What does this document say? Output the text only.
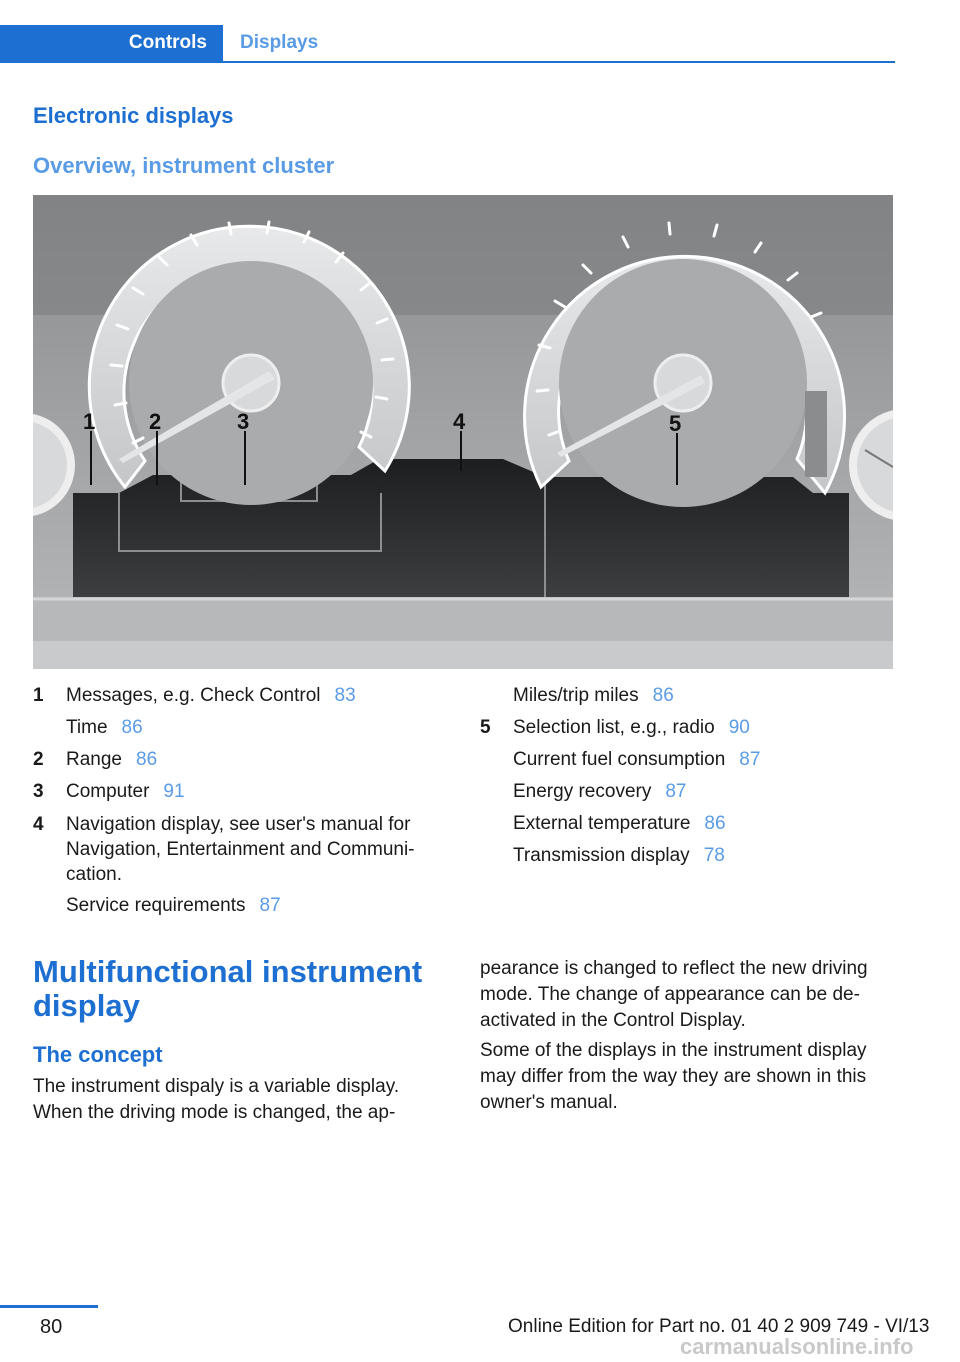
Controls	Displays
Electronic displays
Overview, instrument cluster
1 2	3	4	5
1 Messages, e.g. Check Control 83
Time 86
2 Range 86
3 Computer 91
4 Navigation display, see user's manual for Navigation, Entertainment and Communi‐cation.
Service requirements 87
Miles/trip miles 86
5 Selection list, e.g., radio 90
Current fuel consumption 87
Energy recovery 87
External temperature 86
Transmission display 78
Multifunctional instrument display
The concept

The instrument dispaly is a variable display. When the driving mode is changed, the ap‐

pearance is changed to reflect the new driving mode. The change of appearance can be de‐activated in the Control Display.

Some of the displays in the instrument display may differ from the way they are shown in this owner's manual.

80	Online Edition for Part no. 01 40 2 909 749 - VI/13
carmanualsonline.info
